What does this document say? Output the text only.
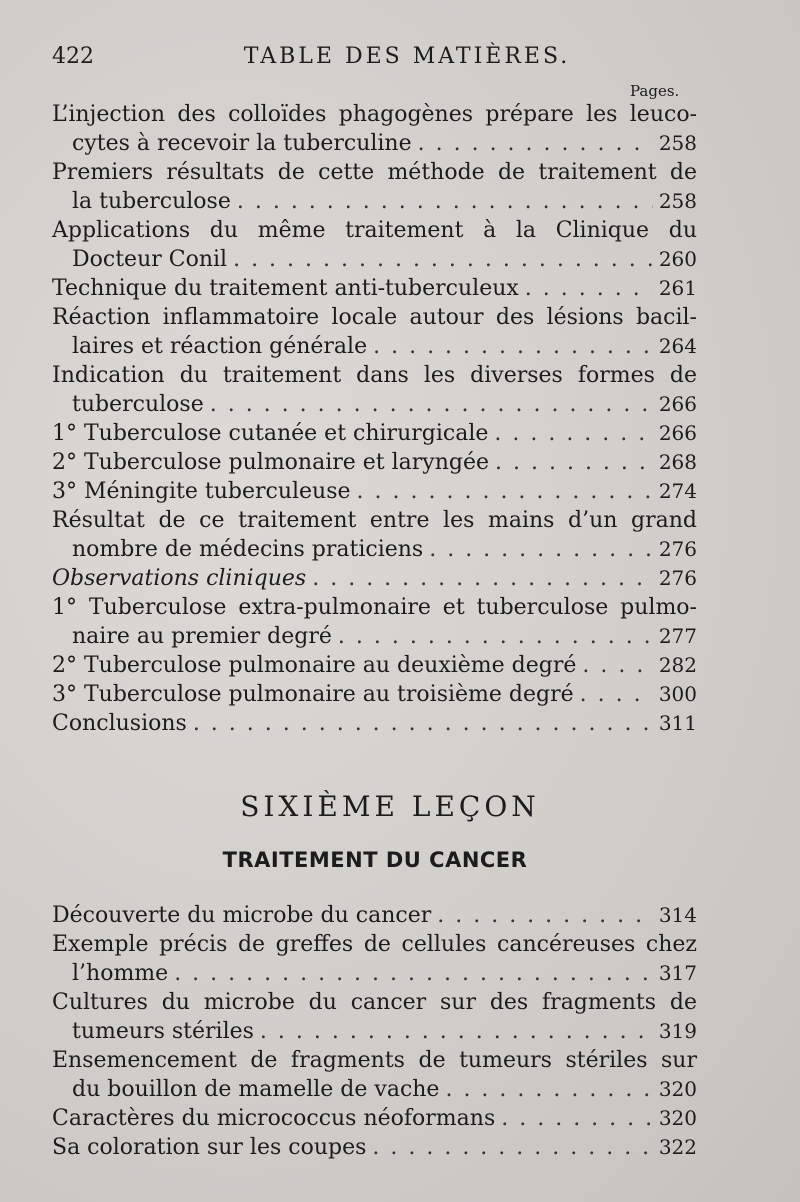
422	TABLE DES MATIÈRES.
Pages.
L’injection des colloïdes phagogènes prépare les leuco-
cytes à recevoir la tuberculine . . .	258
Premiers résultats de cette méthode de traitement de
la tuberculose . . .	258
Applications du même traitement à la Clinique du
Docteur Conil . . .	260
Technique du traitement anti-tuberculeux . . .	261
Réaction inflammatoire locale autour des lésions bacil-
laires et réaction générale . . .	264
Indication du traitement dans les diverses formes de
tuberculose . . .	266
1° Tuberculose cutanée et chirurgicale . . .	266
2° Tuberculose pulmonaire et laryngée . . .	268
3° Méningite tuberculeuse . . .	274
Résultat de ce traitement entre les mains d’un grand
nombre de médecins praticiens . . .	276
Observations cliniques . . .	276
1° Tuberculose extra-pulmonaire et tuberculose pulmo-
naire au premier degré . . .	277
2° Tuberculose pulmonaire au deuxième degré . . .	282
3° Tuberculose pulmonaire au troisième degré . . .	300
Conclusions . . .	311
SIXIÈME LEÇON
TRAITEMENT DU CANCER
Découverte du microbe du cancer . . .	314
Exemple précis de greffes de cellules cancéreuses chez
l’homme . . .	317
Cultures du microbe du cancer sur des fragments de
tumeurs stériles . . .	319
Ensemencement de fragments de tumeurs stériles sur
du bouillon de mamelle de vache . . .	320
Caractères du micrococcus néoformans . . .	320
Sa coloration sur les coupes . . .	322
